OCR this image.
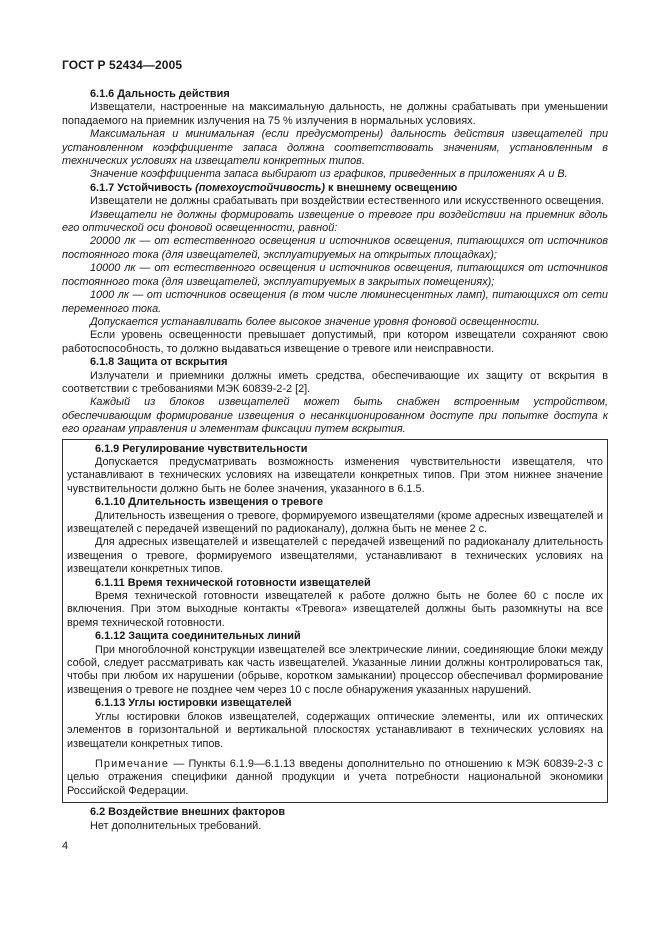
ГОСТ Р 52434—2005

6.1.6 Дальность действия

Извещатели, настроенные на максимальную дальность, не должны срабатывать при уменьшении попадаемого на приемник излучения на 75 % излучения в нормальных условиях.

Максимальная и минимальная (если предусмотрены) дальность действия извещателей при установленном коэффициенте запаса должна соответствовать значениям, установленным в технических условиях на извещатели конкретных типов.

Значение коэффициента запаса выбирают из графиков, приведенных в приложениях А и В.

6.1.7 Устойчивость (помехоустойчивость) к внешнему освещению

Извещатели не должны срабатывать при воздействии естественного или искусственного освещения.

Извещатели не должны формировать извещение о тревоге при воздействии на приемник вдоль его оптической оси фоновой освещенности, равной:

20000 лк — от естественного освещения и источников освещения, питающихся от источников постоянного тока (для извещателей, эксплуатируемых на открытых площадках);

10000 лк — от естественного освещения и источников освещения, питающихся от источников постоянного тока (для извещателей, эксплуатируемых в закрытых помещениях);

1000 лк — от источников освещения (в том числе люминесцентных ламп), питающихся от сети переменного тока.

Допускается устанавливать более высокое значение уровня фоновой освещенности.

Если уровень освещенности превышает допустимый, при котором извещатели сохраняют свою работоспособность, то должно выдаваться извещение о тревоге или неисправности.

6.1.8 Защита от вскрытия

Излучатели и приемники должны иметь средства, обеспечивающие их защиту от вскрытия в соответствии с требованиями МЭК 60839-2-2 [2].

Каждый из блоков извещателей может быть снабжен встроенным устройством, обеспечивающим формирование извещения о несанкционированном доступе при попытке доступа к его органам управления и элементам фиксации путем вскрытия.

6.1.9 Регулирование чувствительности

Допускается предусматривать возможность изменения чувствительности извещателя, что устанавливают в технических условиях на извещатели конкретных типов. При этом нижнее значение чувствительности должно быть не более значения, указанного в 6.1.5.

6.1.10 Длительность извещения о тревоге

Длительность извещения о тревоге, формируемого извещателями (кроме адресных извещателей и извещателей с передачей извещений по радиоканалу), должна быть не менее 2 с.

Для адресных извещателей и извещателей с передачей извещений по радиоканалу длительность извещения о тревоге, формируемого извещателями, устанавливают в технических условиях на извещатели конкретных типов.

6.1.11 Время технической готовности извещателей

Время технической готовности извещателей к работе должно быть не более 60 с после их включения. При этом выходные контакты «Тревога» извещателей должны быть разомкнуты на все время технической готовности.

6.1.12 Защита соединительных линий

При многоблочной конструкции извещателей все электрические линии, соединяющие блоки между собой, следует рассматривать как часть извещателей. Указанные линии должны контролироваться так, чтобы при любом их нарушении (обрыве, коротком замыкании) процессор обеспечивал формирование извещения о тревоге не позднее чем через 10 с после обнаружения указанных нарушений.

6.1.13 Углы юстировки извещателей

Углы юстировки блоков извещателей, содержащих оптические элементы, или их оптических элементов в горизонтальной и вертикальной плоскостях устанавливают в технических условиях на извещатели конкретных типов.

Примечание — Пункты 6.1.9—6.1.13 введены дополнительно по отношению к МЭК 60839-2-3 с целью отражения специфики данной продукции и учета потребности национальной экономики Российской Федерации.

6.2 Воздействие внешних факторов

Нет дополнительных требований.

4
